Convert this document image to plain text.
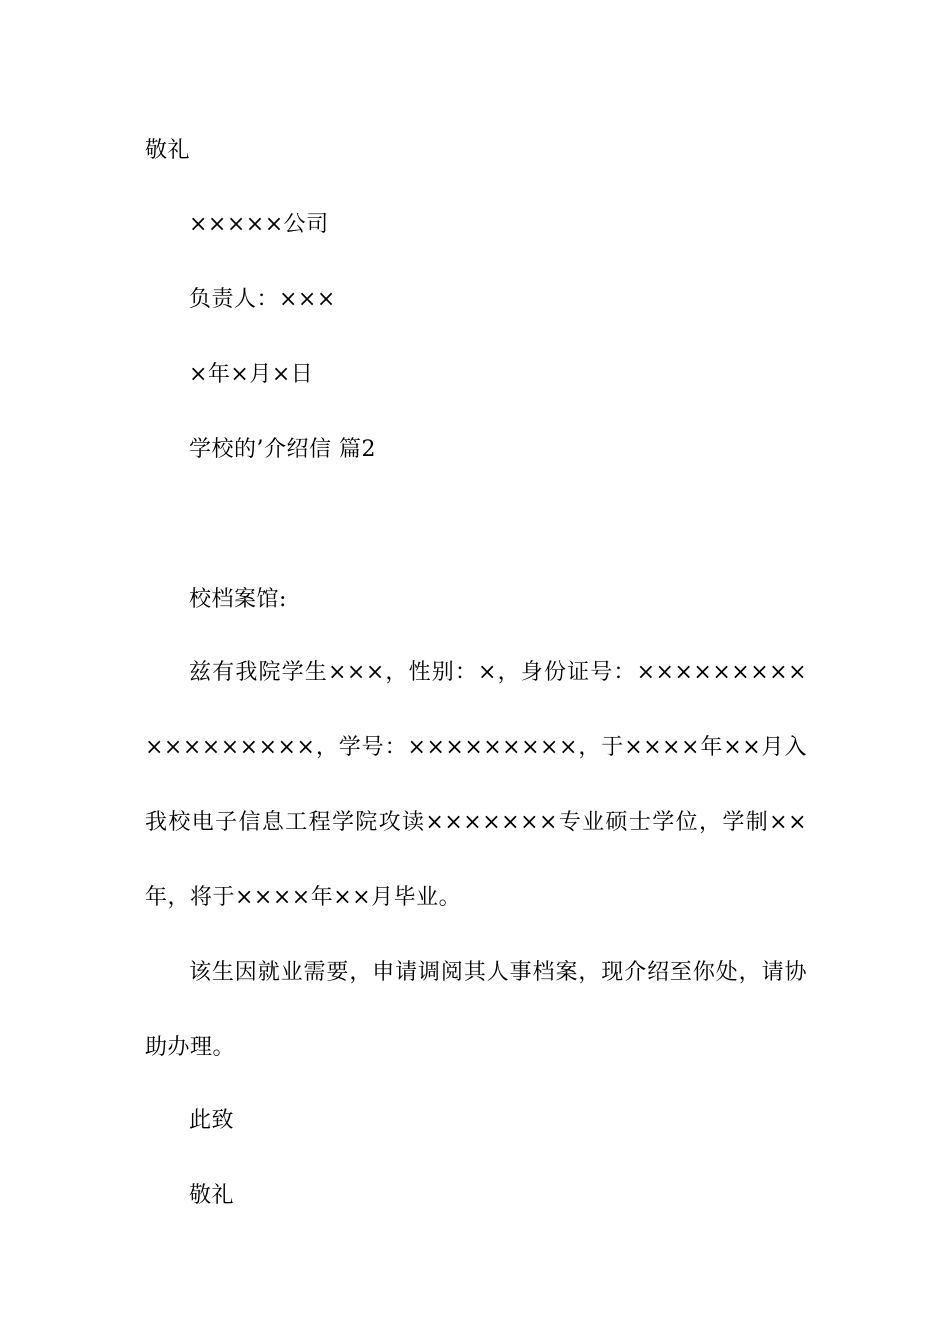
敬礼
×××××公司
负责人：×××
×年×月×日
学校的’介绍信 篇2
校档案馆:
兹有我院学生×××，性别：×，身份证号：××××××××××××××××××，学号：×××××××××，于××××年××月入我校电子信息工程学院攻读×××××××专业硕士学位，学制××年，将于××××年××月毕业。
该生因就业需要，申请调阅其人事档案，现介绍至你处，请协助办理。
此致
敬礼
